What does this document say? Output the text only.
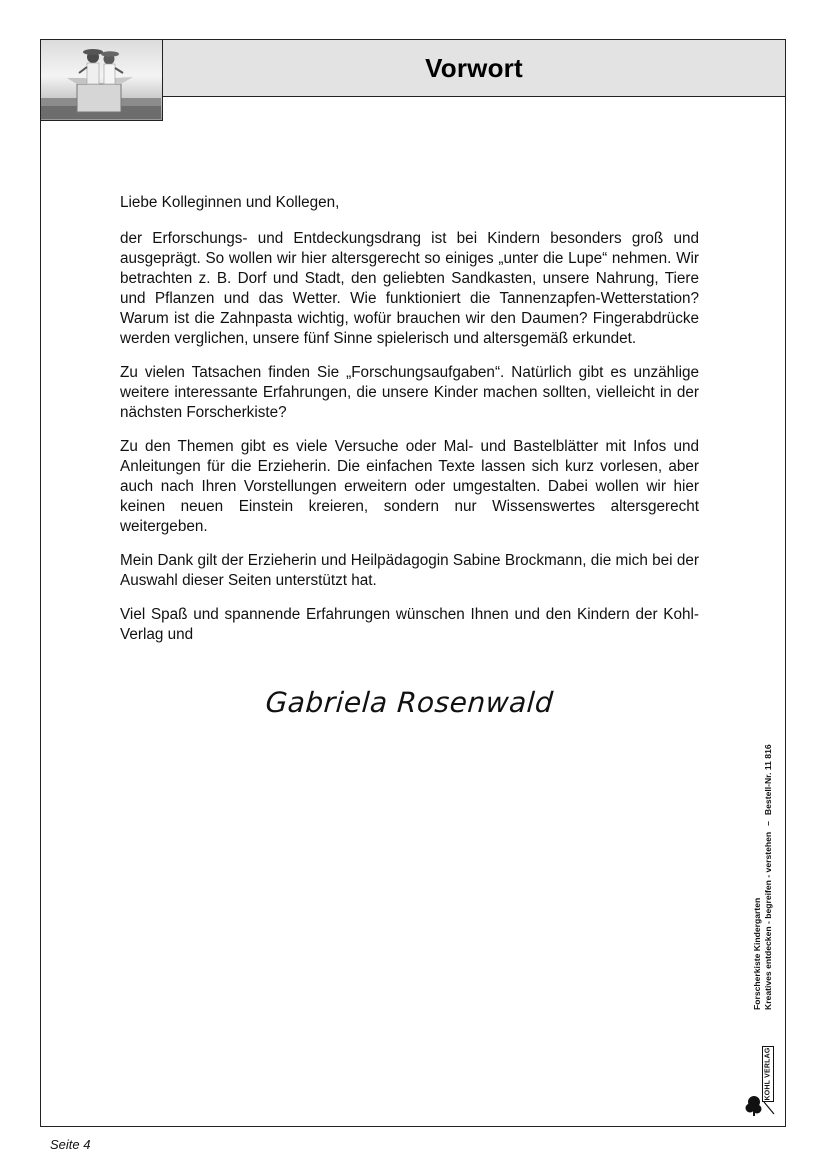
Vorwort

Liebe Kolleginnen und Kollegen,

der Erforschungs- und Entdeckungsdrang ist bei Kindern besonders groß und ausgeprägt. So wollen wir hier altersgerecht so einiges „unter die Lupe“ nehmen. Wir betrachten z. B. Dorf und Stadt, den geliebten Sandkasten, unsere Nahrung, Tiere und Pflanzen und das Wetter. Wie funktioniert die Tannenzapfen-Wetterstation? Warum ist die Zahnpasta wichtig, wofür brauchen wir den Daumen? Fingerabdrücke werden verglichen, unsere fünf Sinne spielerisch und altersgemäß erkundet.

Zu vielen Tatsachen finden Sie „Forschungsaufgaben“. Natürlich gibt es unzählige weitere interessante Erfahrungen, die unsere Kinder machen sollten, vielleicht in der nächsten Forscherkiste?

Zu den Themen gibt es viele Versuche oder Mal- und Bastelblätter mit Infos und Anleitungen für die Erzieherin. Die einfachen Texte lassen sich kurz vorlesen, aber auch nach Ihren Vorstellungen erweitern oder umgestalten. Dabei wollen wir hier keinen neuen Einstein kreieren, sondern nur Wissenswertes altersgerecht weitergeben.

Mein Dank gilt der Erzieherin und Heilpädagogin Sabine Brockmann, die mich bei der Auswahl dieser Seiten unterstützt hat.

Viel Spaß und spannende Erfahrungen wünschen Ihnen und den Kindern der Kohl-Verlag und

Gabriela Rosenwald
Forscherkiste Kindergarten Kreatives entdecken - begreifen - verstehen
–
Bestell-Nr. 11 816
KOHL VERLAG
Seite 4
